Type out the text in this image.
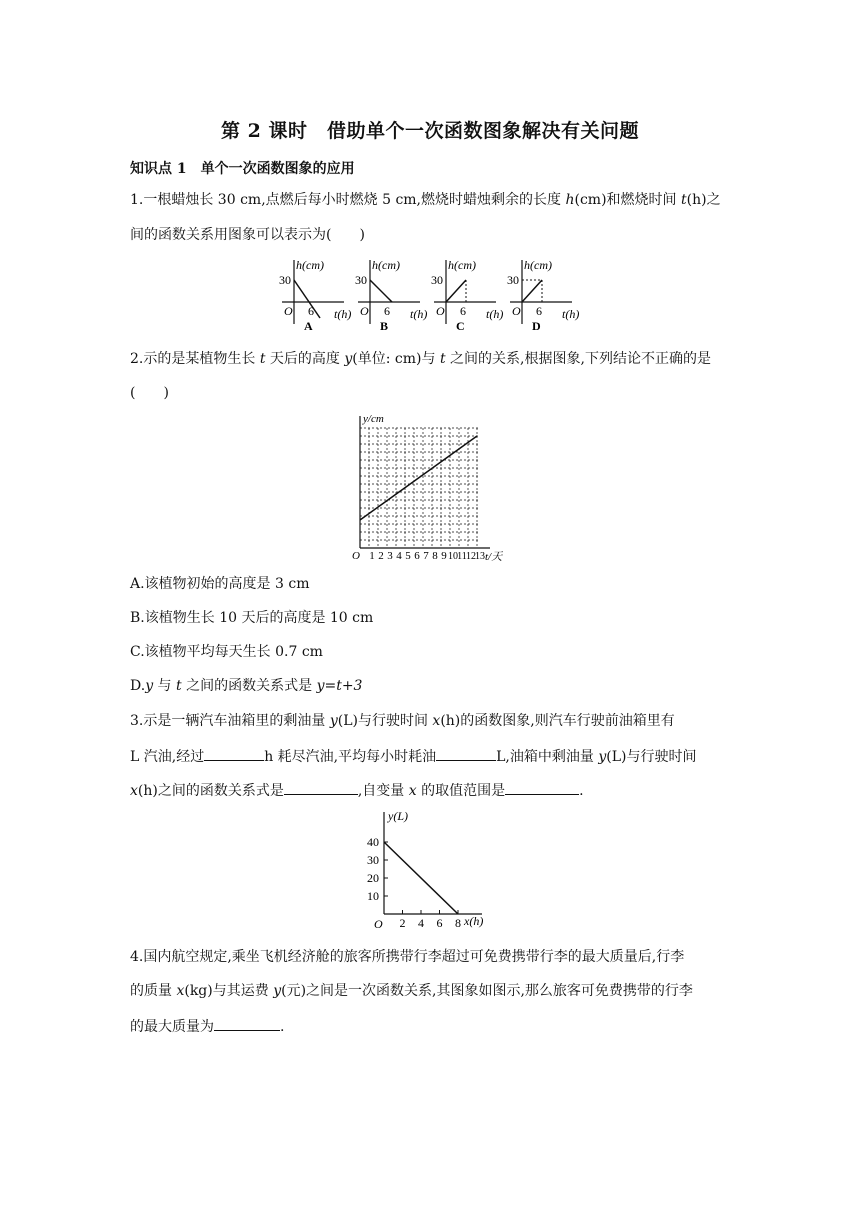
第 2 课时　借助单个一次函数图象解决有关问题
知识点 1　单个一次函数图象的应用
1.一根蜡烛长 30 cm,点燃后每小时燃烧 5 cm,燃烧时蜡烛剩余的长度 h(cm)和燃烧时间 t(h)之
间的函数关系用图象可以表示为(　　)
h(cm)
30
O 6 t(h)
A
h(cm)
30
O 6 t(h)
B
h(cm)
30
O 6 t(h)
C
h(cm)
30
O 6 t(h)
D
2.示的是某植物生长 t 天后的高度 y(单位: cm)与 t 之间的关系,根据图象,下列结论不正确的是
(　　)
y/cm
O 1 2 3 4 5 6 7 8 9 10 11 12 13 t/天
A.该植物初始的高度是 3 cm
B.该植物生长 10 天后的高度是 10 cm
C.该植物平均每天生长 0.7 cm
D.y 与 t 之间的函数关系式是 y=t+3
3.示是一辆汽车油箱里的剩油量 y(L)与行驶时间 x(h)的函数图象,则汽车行驶前油箱里有
L 汽油,经过	h 耗尽汽油,平均每小时耗油	L,油箱中剩油量 y(L)与行驶时间
x(h)之间的函数关系式是	,自变量 x 的取值范围是	.
y(L)
10
20
30
40
O 2 4 6 8 x(h)
4.国内航空规定,乘坐飞机经济舱的旅客所携带行李超过可免费携带行李的最大质量后,行李
的质量 x(kg)与其运费 y(元)之间是一次函数关系,其图象如图示,那么旅客可免费携带的行李
的最大质量为	.
